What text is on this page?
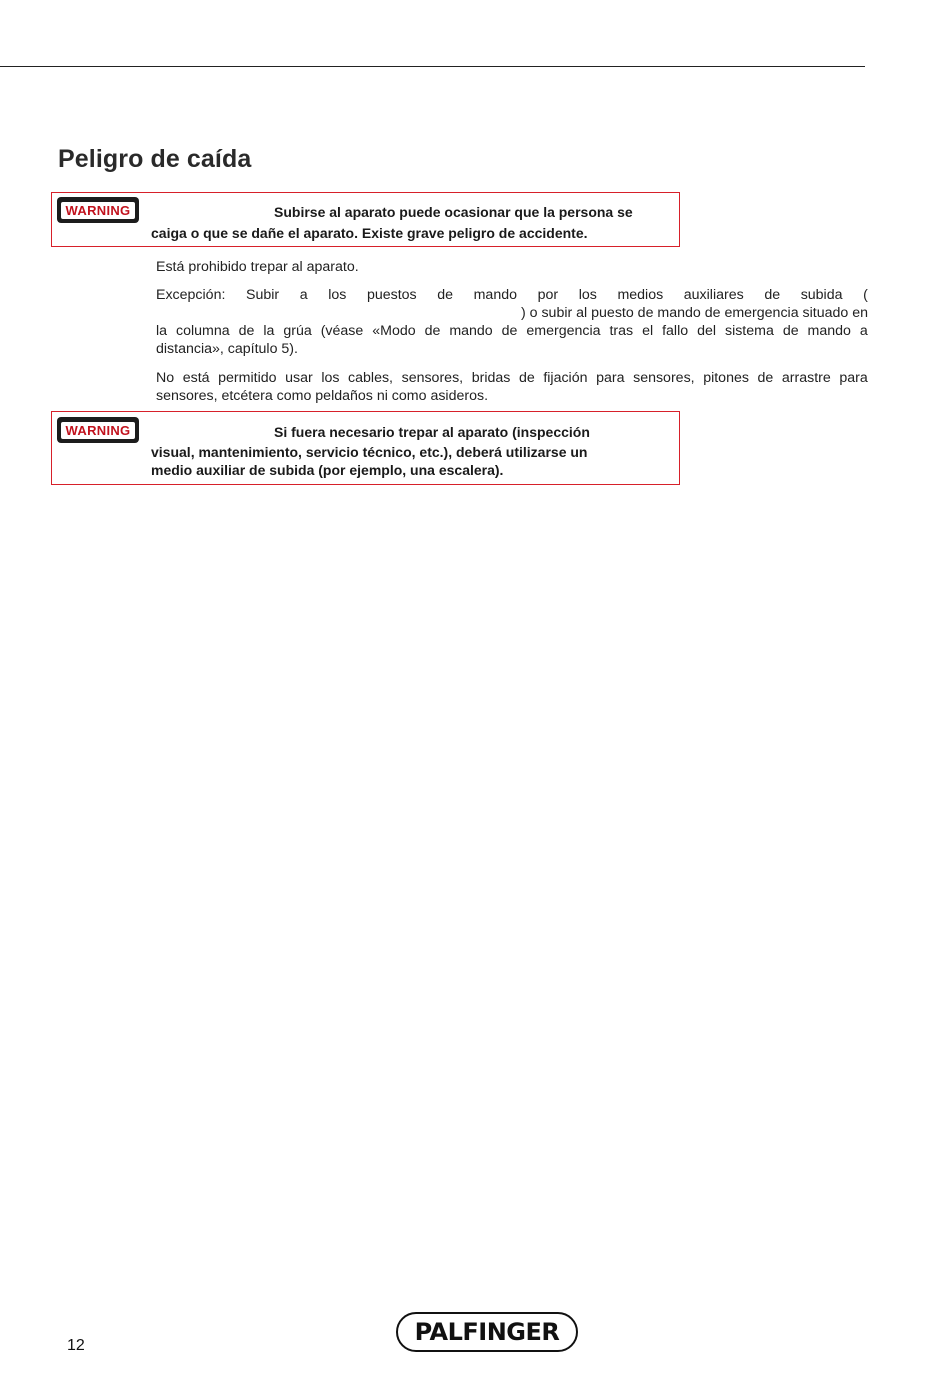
Peligro de caída
WARNING	Subirse al aparato puede ocasionar que la persona se
caiga o que se dañe el aparato. Existe grave peligro de accidente.

Está prohibido trepar al aparato.

Excepción: Subir a los puestos de mando por los medios auxiliares de subida (
) o subir al puesto de mando de emergencia situado en
la columna de la grúa (véase «Modo de mando de emergencia tras el fallo del sistema de mando a
distancia», capítulo 5).
No está permitido usar los cables, sensores, bridas de fijación para sensores, pitones de arrastre para
sensores, etcétera como peldaños ni como asideros.
WARNING	Si fuera necesario trepar al aparato (inspección
visual, mantenimiento, servicio técnico, etc.), deberá utilizarse un
medio auxiliar de subida (por ejemplo, una escalera).
12	PALFINGER
